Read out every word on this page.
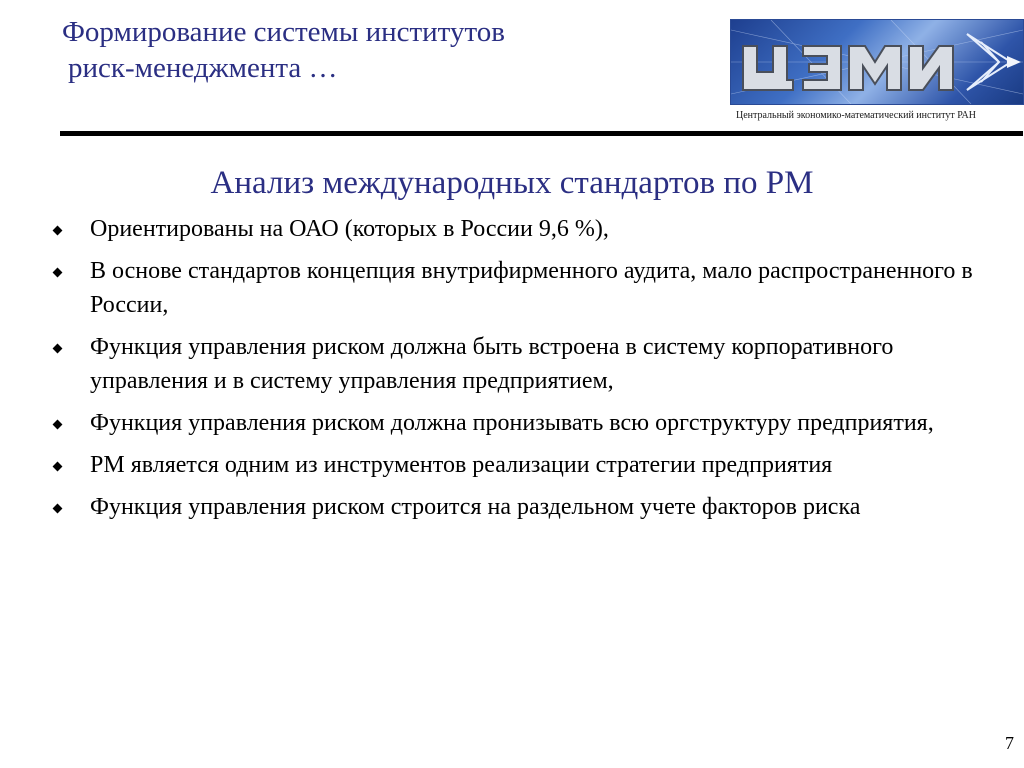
Формирование системы институтов
риск-менеджмента …
Центральный экономико-математический институт РАН
Анализ международных стандартов по РМ
Ориентированы на ОАО (которых в России 9,6 %),
В основе стандартов концепция внутрифирменного аудита, мало распространенного в России,
Функция управления риском должна быть встроена в систему корпоративного управления и в систему управления предприятием,
Функция управления риском должна пронизывать всю оргструктуру предприятия,
РМ является одним из инструментов реализации стратегии предприятия
Функция управления риском строится на раздельном учете факторов риска
7
